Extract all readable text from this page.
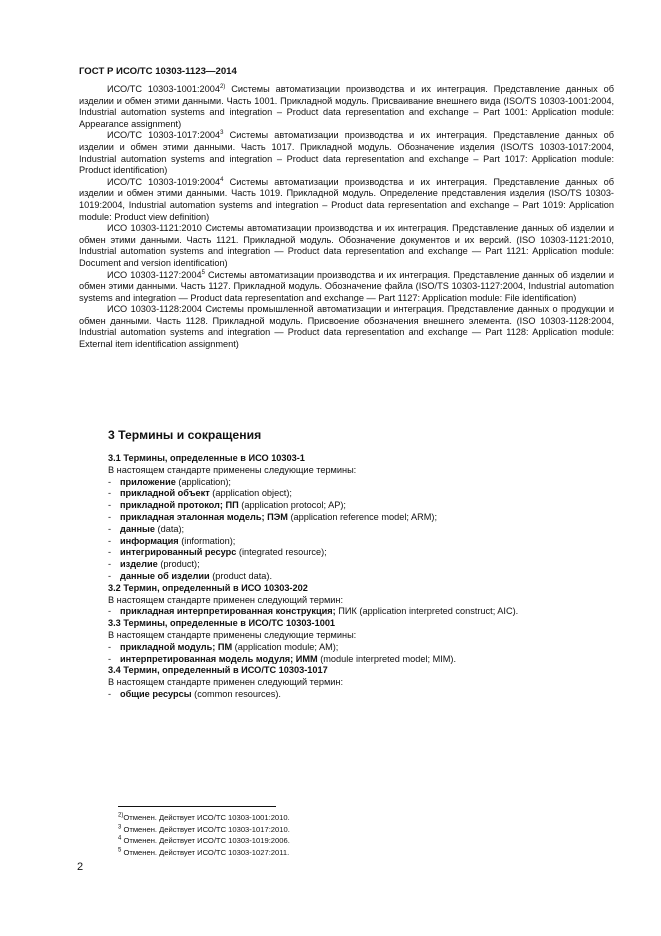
ГОСТ Р ИСО/ТС 10303-1123—2014

ИСО/ТС 10303-1001:2004$^{2)}$ Системы автоматизации производства и их интеграция. Представление данных об изделии и обмен этими данными. Часть 1001. Прикладной модуль. Присваивание внешнего вида (ISO/TS 10303-1001:2004, Industrial automation systems and integration – Product data representation and exchange – Part 1001: Application module: Appearance assignment)

ИСО/ТС 10303-1017:2004$^3$ Системы автоматизации производства и их интеграция. Представление данных об изделии и обмен этими данными. Часть 1017. Прикладной модуль. Обозначение изделия (ISO/TS 10303-1017:2004, Industrial automation systems and integration – Product data representation and exchange – Part 1017: Application module: Product identification)

ИСО/ТС 10303-1019:2004$^4$ Системы автоматизации производства и их интеграция. Представление данных об изделии и обмен этими данными. Часть 1019. Прикладной модуль. Определение представления изделия (ISO/TS 10303-1019:2004, Industrial automation systems and integration – Product data representation and exchange – Part 1019: Application module: Product view definition)

ИСО 10303-1121:2010 Системы автоматизации производства и их интеграция. Представление данных об изделии и обмен этими данными. Часть 1121. Прикладной модуль. Обозначение документов и их версий. (ISO 10303-1121:2010, Industrial automation systems and integration — Product data representation and exchange — Part 1121: Application module: Document and version identification)

ИСО 10303-1127:2004$^5$ Системы автоматизации производства и их интеграция. Представление данных об изделии и обмен этими данными. Часть 1127. Прикладной модуль. Обозначение файла (ISO/TS 10303-1127:2004, Industrial automation systems and integration — Product data representation and exchange — Part 1127: Application module: File identification)

ИСО 10303-1128:2004 Системы промышленной автоматизации и интеграция. Представление данных о продукции и обмен данными. Часть 1128. Прикладной модуль. Присвоение обозначения внешнего элемента. (ISO 10303-1128:2004, Industrial automation systems and integration — Product data representation and exchange — Part 1128: Application module: External item identification assignment)

3 Термины и сокращения
3.1 Термины, определенные в ИСО 10303-1
В настоящем стандарте применены следующие термины:
- приложение (application);
- прикладной объект (application object);
- прикладной протокол; ПП (application protocol; AP);
- прикладная эталонная модель; ПЭМ (application reference model; ARM);
- данные (data);
- информация (information);
- интегрированный ресурс (integrated resource);
- изделие (product);
- данные об изделии (product data).
3.2 Термин, определенный в ИСО 10303-202
В настоящем стандарте применен следующий термин:
- прикладная интерпретированная конструкция; ПИК (application interpreted construct; AIC).
3.3 Термины, определенные в ИСО/ТС 10303-1001
В настоящем стандарте применены следующие термины:
- прикладной модуль; ПМ (application module; AM);
- интерпретированная модель модуля; ИММ (module interpreted model; MIM).
3.4 Термин, определенный в ИСО/ТС 10303-1017
В настоящем стандарте применен следующий термин:
- общие ресурсы (common resources).
$^{2)}$Отменен. Действует ИСО/ТС 10303-1001:2010.
$^3$ Отменен. Действует ИСО/ТС 10303-1017:2010.
$^4$ Отменен. Действует ИСО/ТС 10303-1019:2006.
$^5$ Отменен. Действует ИСО/ТС 10303-1027:2011.
2
